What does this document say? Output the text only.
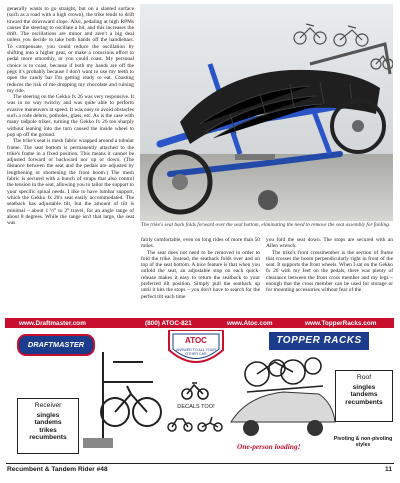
generally wants to go straight, but on a slanted surface (such as a road with a high crown), the trike tends to drift toward the downward slope. Also, pedaling at high RPMs causes the steering to oscillate a bit, and this increases the drift. The oscillations are minor and aren't a big deal unless you decide to take both hands off the handlebars. To compensate, you could reduce the oscillation by shifting into a higher gear, or make a conscious effort to pedal more smoothly, or you could coast. My personal choice is to coast, because if both my hands are off the pegs it's probably because I don't want to use my teeth to open the candy bar I'm getting ready to eat. Coasting reduces the risk of me dropping my chocolate and ruining my ride.

The steering on the Gekko fx 26 was very responsive. It was in no way twitchy and was quite able to perform evasive maneuvers at speed. It was easy to avoid obstacles such a rode debris, potholes, glass, etc. As is the case with many tadpole trikes, turning the Gekko fx 26 too sharply without leaning into the turn caused the inside wheel to pop up off the ground.

The trike's seat is mesh fabric wrapped around a tubular frame. The seat bottom is permanently attached to the trike's frame in a fixed position. This means it cannot be adjusted forward or backward nor up or down. (The distance between the seat and the pedals are adjusted by lengthening or shortening the front boom.) The mesh fabric is secured with a bunch of straps that also control the tension in the seat, allowing you to tailor the support to your specific spinal needs. I like to have lumbar support, which the Gekko fx 26's seat easily accommodated. The seatback has adjustable tilt, but the amount of tilt is minimal – about 1 ½° to 2° travel, for an angle range of about 8 degrees. While the range isn't that large, the seat was	The trike's seat back folds forward over the seat bottom, eliminating the need to remove the seat assembly for folding.

fairly comfortable, even on long rides of more than 50 miles.

The seat does not need to be removed in order to fold the trike. Instead, the seatback folds over and on top of the seat bottom. A nice feature is that when you unfold the seat, an adjustable stop on each quick-release makes it easy to return the seatback to your preferred tilt position. Simply pull the seatback up until it hits the stops – you don't have to search for the perfect tilt each time

you fold the seat down. The stops are secured with an Allen wrench.

The trike's front crossmember is the section of frame that crosses the boom perpendicularly right in front of the seat. It supports the front wheels. When I sat on the Gekko fx 26 with my feet on the pedals, there was plenty of clearance between the front cross member and my legs – enough that the cross member can be used for storage or for mounting accessories without fear of the

www.Draftmaster.com	(800) ATOC-821	www.Atoc.com	www.TopperRacks.com
DRAFTMASTER
Receiver
singles
tandems
trikes
recumbents
ATOC
ANSWER TO ALL YOUR OTHER CAR
DECALS TOO!
TOPPER RACKS
Roof
singles
tandems
recumbents
One-person loading!
Pivoting & non-pivoting styles
Recumbent & Tandem Rider #48	11
